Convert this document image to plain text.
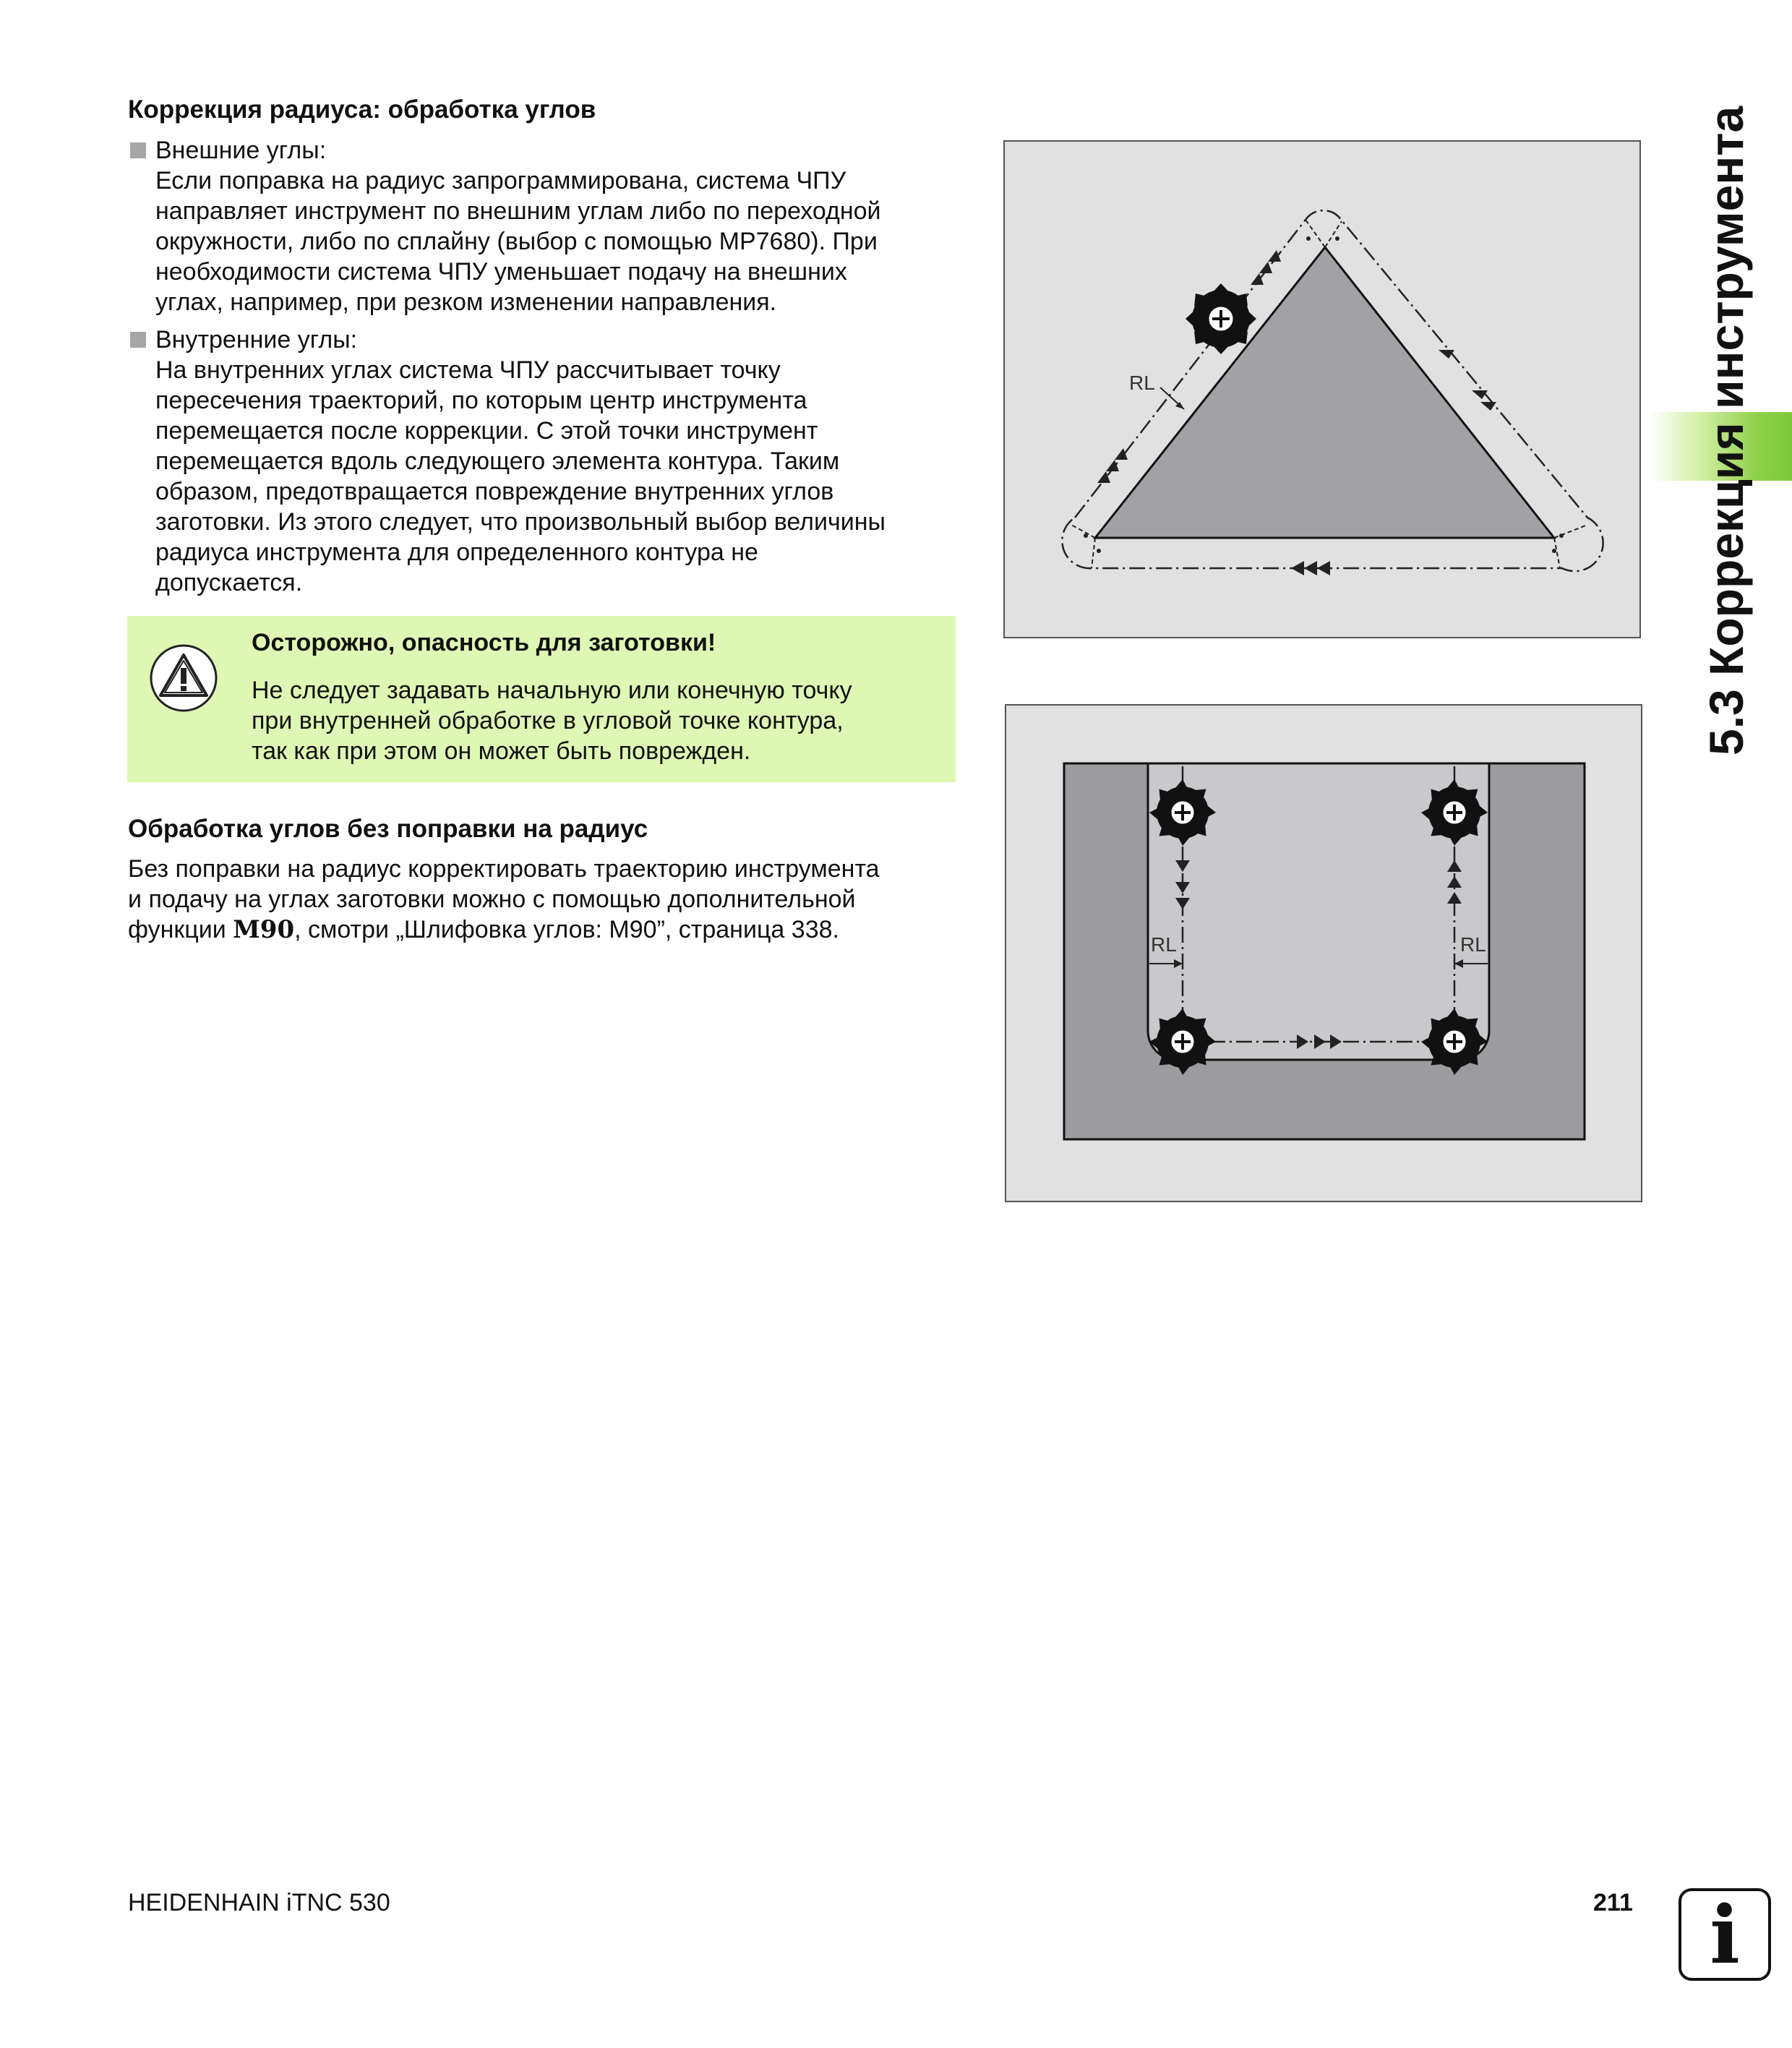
Коррекция радиуса: обработка углов
Внешние углы:
Если поправка на радиус запрограммирована, система ЧПУ
направляет инструмент по внешним углам либо по переходной
окружности, либо по сплайну (выбор с помощью MP7680). При
необходимости система ЧПУ уменьшает подачу на внешних
углах, например, при резком изменении направления.
Внутренние углы:
На внутренних углах система ЧПУ рассчитывает точку
пересечения траекторий, по которым центр инструмента
перемещается после коррекции. С этой точки инструмент
перемещается вдоль следующего элемента контура. Таким
образом, предотвращается повреждение внутренних углов
заготовки. Из этого следует, что произвольный выбор величины
радиуса инструмента для определенного контура не
допускается.
Осторожно, опасность для заготовки!
Не следует задавать начальную или конечную точку
при внутренней обработке в угловой точке контура,
так как при этом он может быть поврежден.
Обработка углов без поправки на радиус
Без поправки на радиус корректировать траекторию инструмента
и подачу на углах заготовки можно с помощью дополнительной
функции M90, смотри „Шлифовка углов: M90”, страница 338.
RL
RL	RL
5.3 Коррекция инструмента
HEIDENHAIN iTNC 530	211 i
